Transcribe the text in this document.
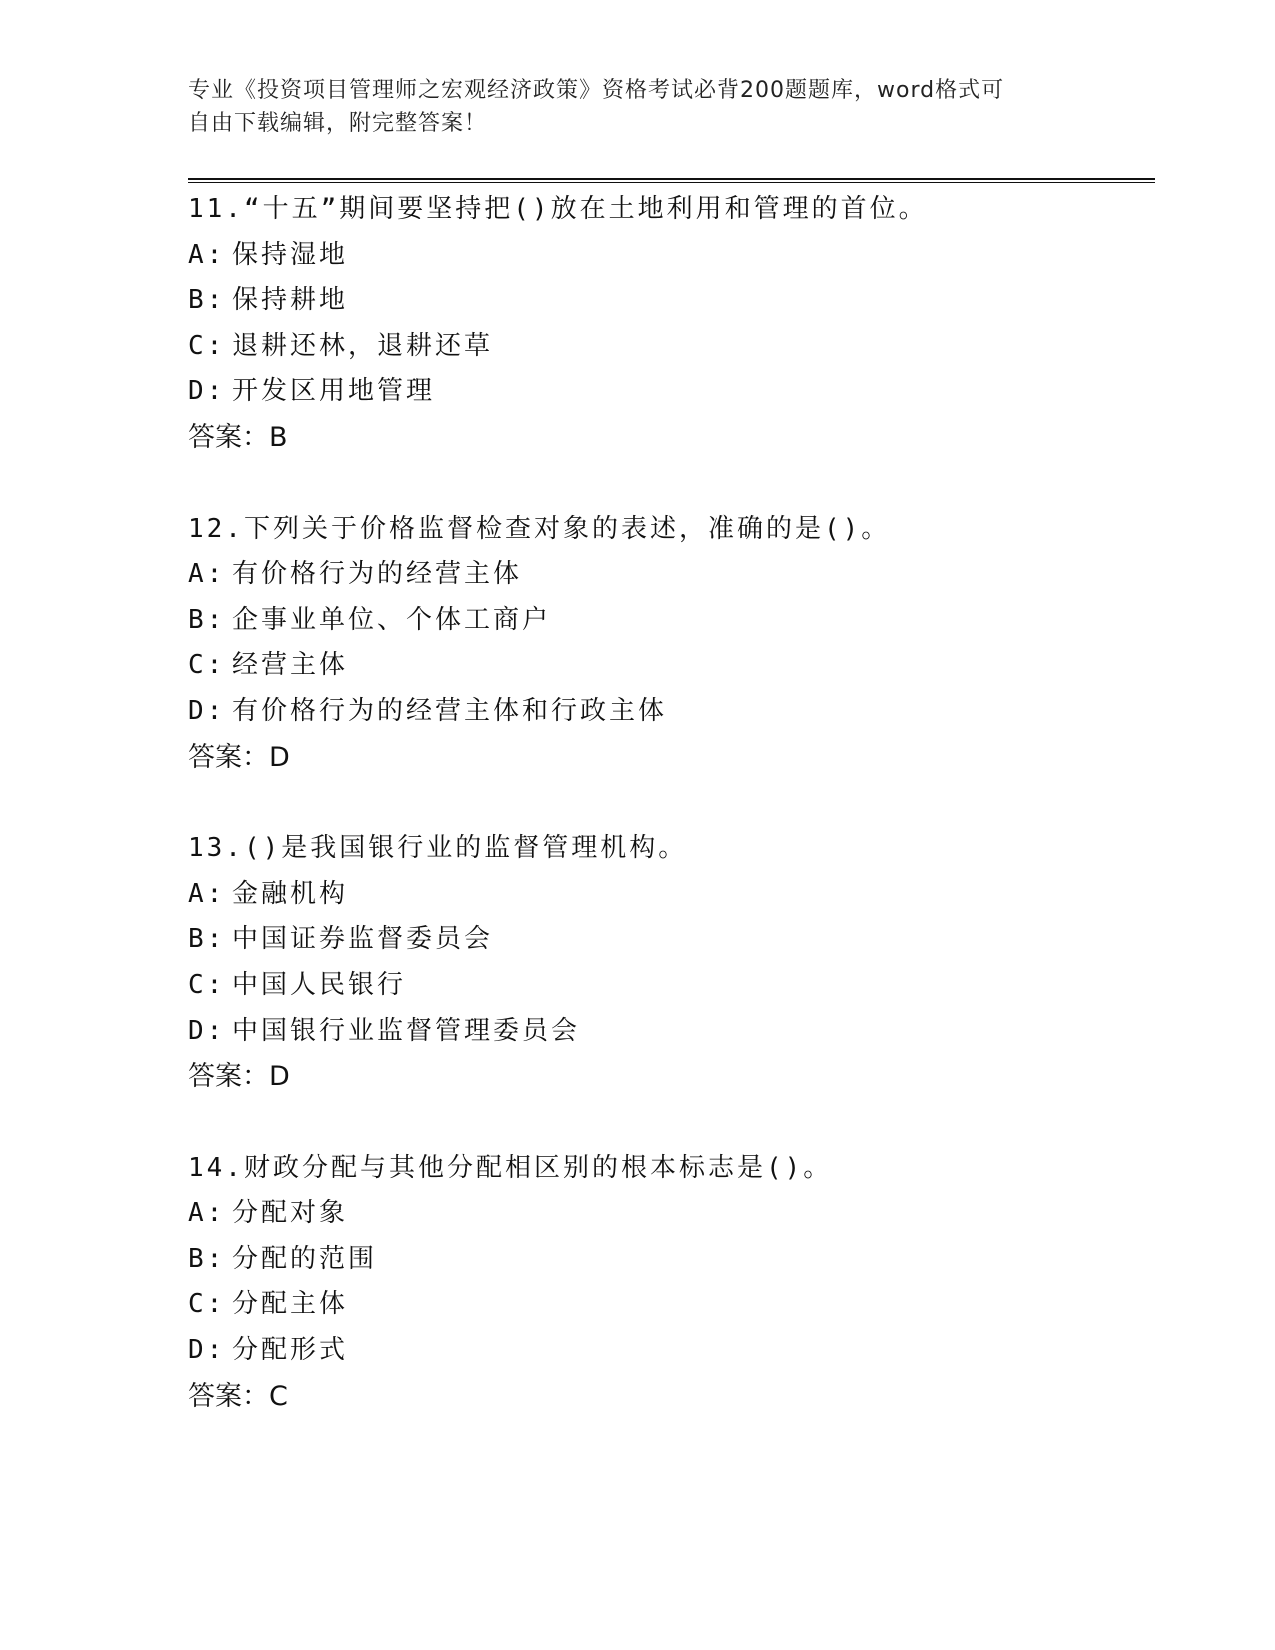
专业《投资项目管理师之宏观经济政策》资格考试必背200题题库，word格式可
自由下载编辑，附完整答案！
11.“十五”期间要坚持把()放在土地利用和管理的首位。
A: 保持湿地
B: 保持耕地
C: 退耕还林，退耕还草
D: 开发区用地管理
答案：B
12.下列关于价格监督检查对象的表述，准确的是()。
A: 有价格行为的经营主体
B: 企事业单位、个体工商户
C: 经营主体
D: 有价格行为的经营主体和行政主体
答案：D
13.()是我国银行业的监督管理机构。
A: 金融机构
B: 中国证券监督委员会
C: 中国人民银行
D: 中国银行业监督管理委员会
答案：D
14.财政分配与其他分配相区别的根本标志是()。
A: 分配对象
B: 分配的范围
C: 分配主体
D: 分配形式
答案：C
